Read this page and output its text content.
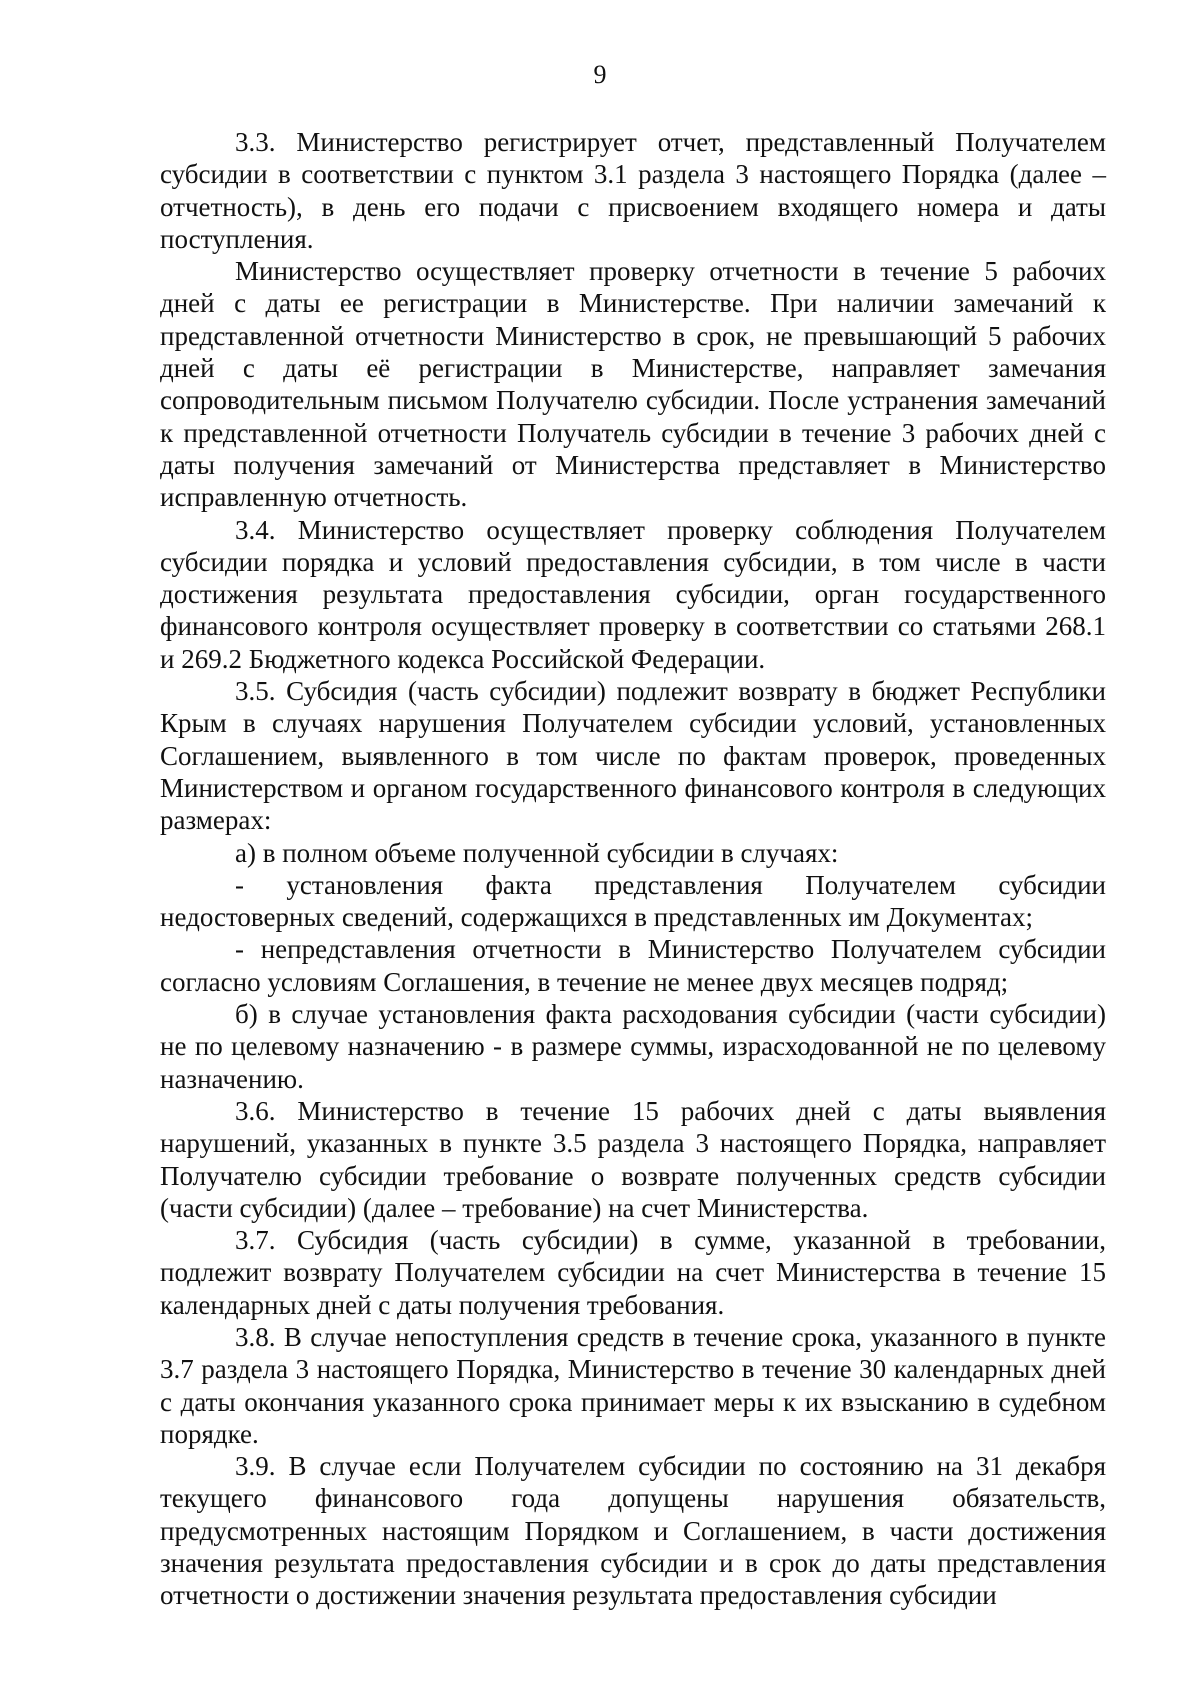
9

3.3. Министерство регистрирует отчет, представленный Получателем субсидии в соответствии с пунктом 3.1 раздела 3 настоящего Порядка (далее – отчетность), в день его подачи с присвоением входящего номера и даты поступления.

Министерство осуществляет проверку отчетности в течение 5 рабочих дней с даты ее регистрации в Министерстве. При наличии замечаний к представленной отчетности Министерство в срок, не превышающий 5 рабочих дней с даты её регистрации в Министерстве, направляет замечания сопроводительным письмом Получателю субсидии. После устранения замечаний к представленной отчетности Получатель субсидии в течение 3 рабочих дней с даты получения замечаний от Министерства представляет в Министерство исправленную отчетность.

3.4. Министерство осуществляет проверку соблюдения Получателем субсидии порядка и условий предоставления субсидии, в том числе в части достижения результата предоставления субсидии, орган государственного финансового контроля осуществляет проверку в соответствии со статьями 268.1 и 269.2 Бюджетного кодекса Российской Федерации.

3.5. Субсидия (часть субсидии) подлежит возврату в бюджет Республики Крым в случаях нарушения Получателем субсидии условий, установленных Соглашением, выявленного в том числе по фактам проверок, проведенных Министерством и органом государственного финансового контроля в следующих размерах:

а) в полном объеме полученной субсидии в случаях:

- установления факта представления Получателем субсидии недостоверных сведений, содержащихся в представленных им Документах;

- непредставления отчетности в Министерство Получателем субсидии согласно условиям Соглашения, в течение не менее двух месяцев подряд;

б) в случае установления факта расходования субсидии (части субсидии) не по целевому назначению - в размере суммы, израсходованной не по целевому назначению.

3.6. Министерство в течение 15 рабочих дней с даты выявления нарушений, указанных в пункте 3.5 раздела 3 настоящего Порядка, направляет Получателю субсидии требование о возврате полученных средств субсидии (части субсидии) (далее – требование) на счет Министерства.

3.7. Субсидия (часть субсидии) в сумме, указанной в требовании, подлежит возврату Получателем субсидии на счет Министерства в течение 15 календарных дней с даты получения требования.

3.8. В случае непоступления средств в течение срока, указанного в пункте 3.7 раздела 3 настоящего Порядка, Министерство в течение 30 календарных дней с даты окончания указанного срока принимает меры к их взысканию в судебном порядке.

3.9. В случае если Получателем субсидии по состоянию на 31 декабря текущего финансового года допущены нарушения обязательств, предусмотренных настоящим Порядком и Соглашением, в части достижения значения результата предоставления субсидии и в срок до даты представления отчетности о достижении значения результата предоставления субсидии
